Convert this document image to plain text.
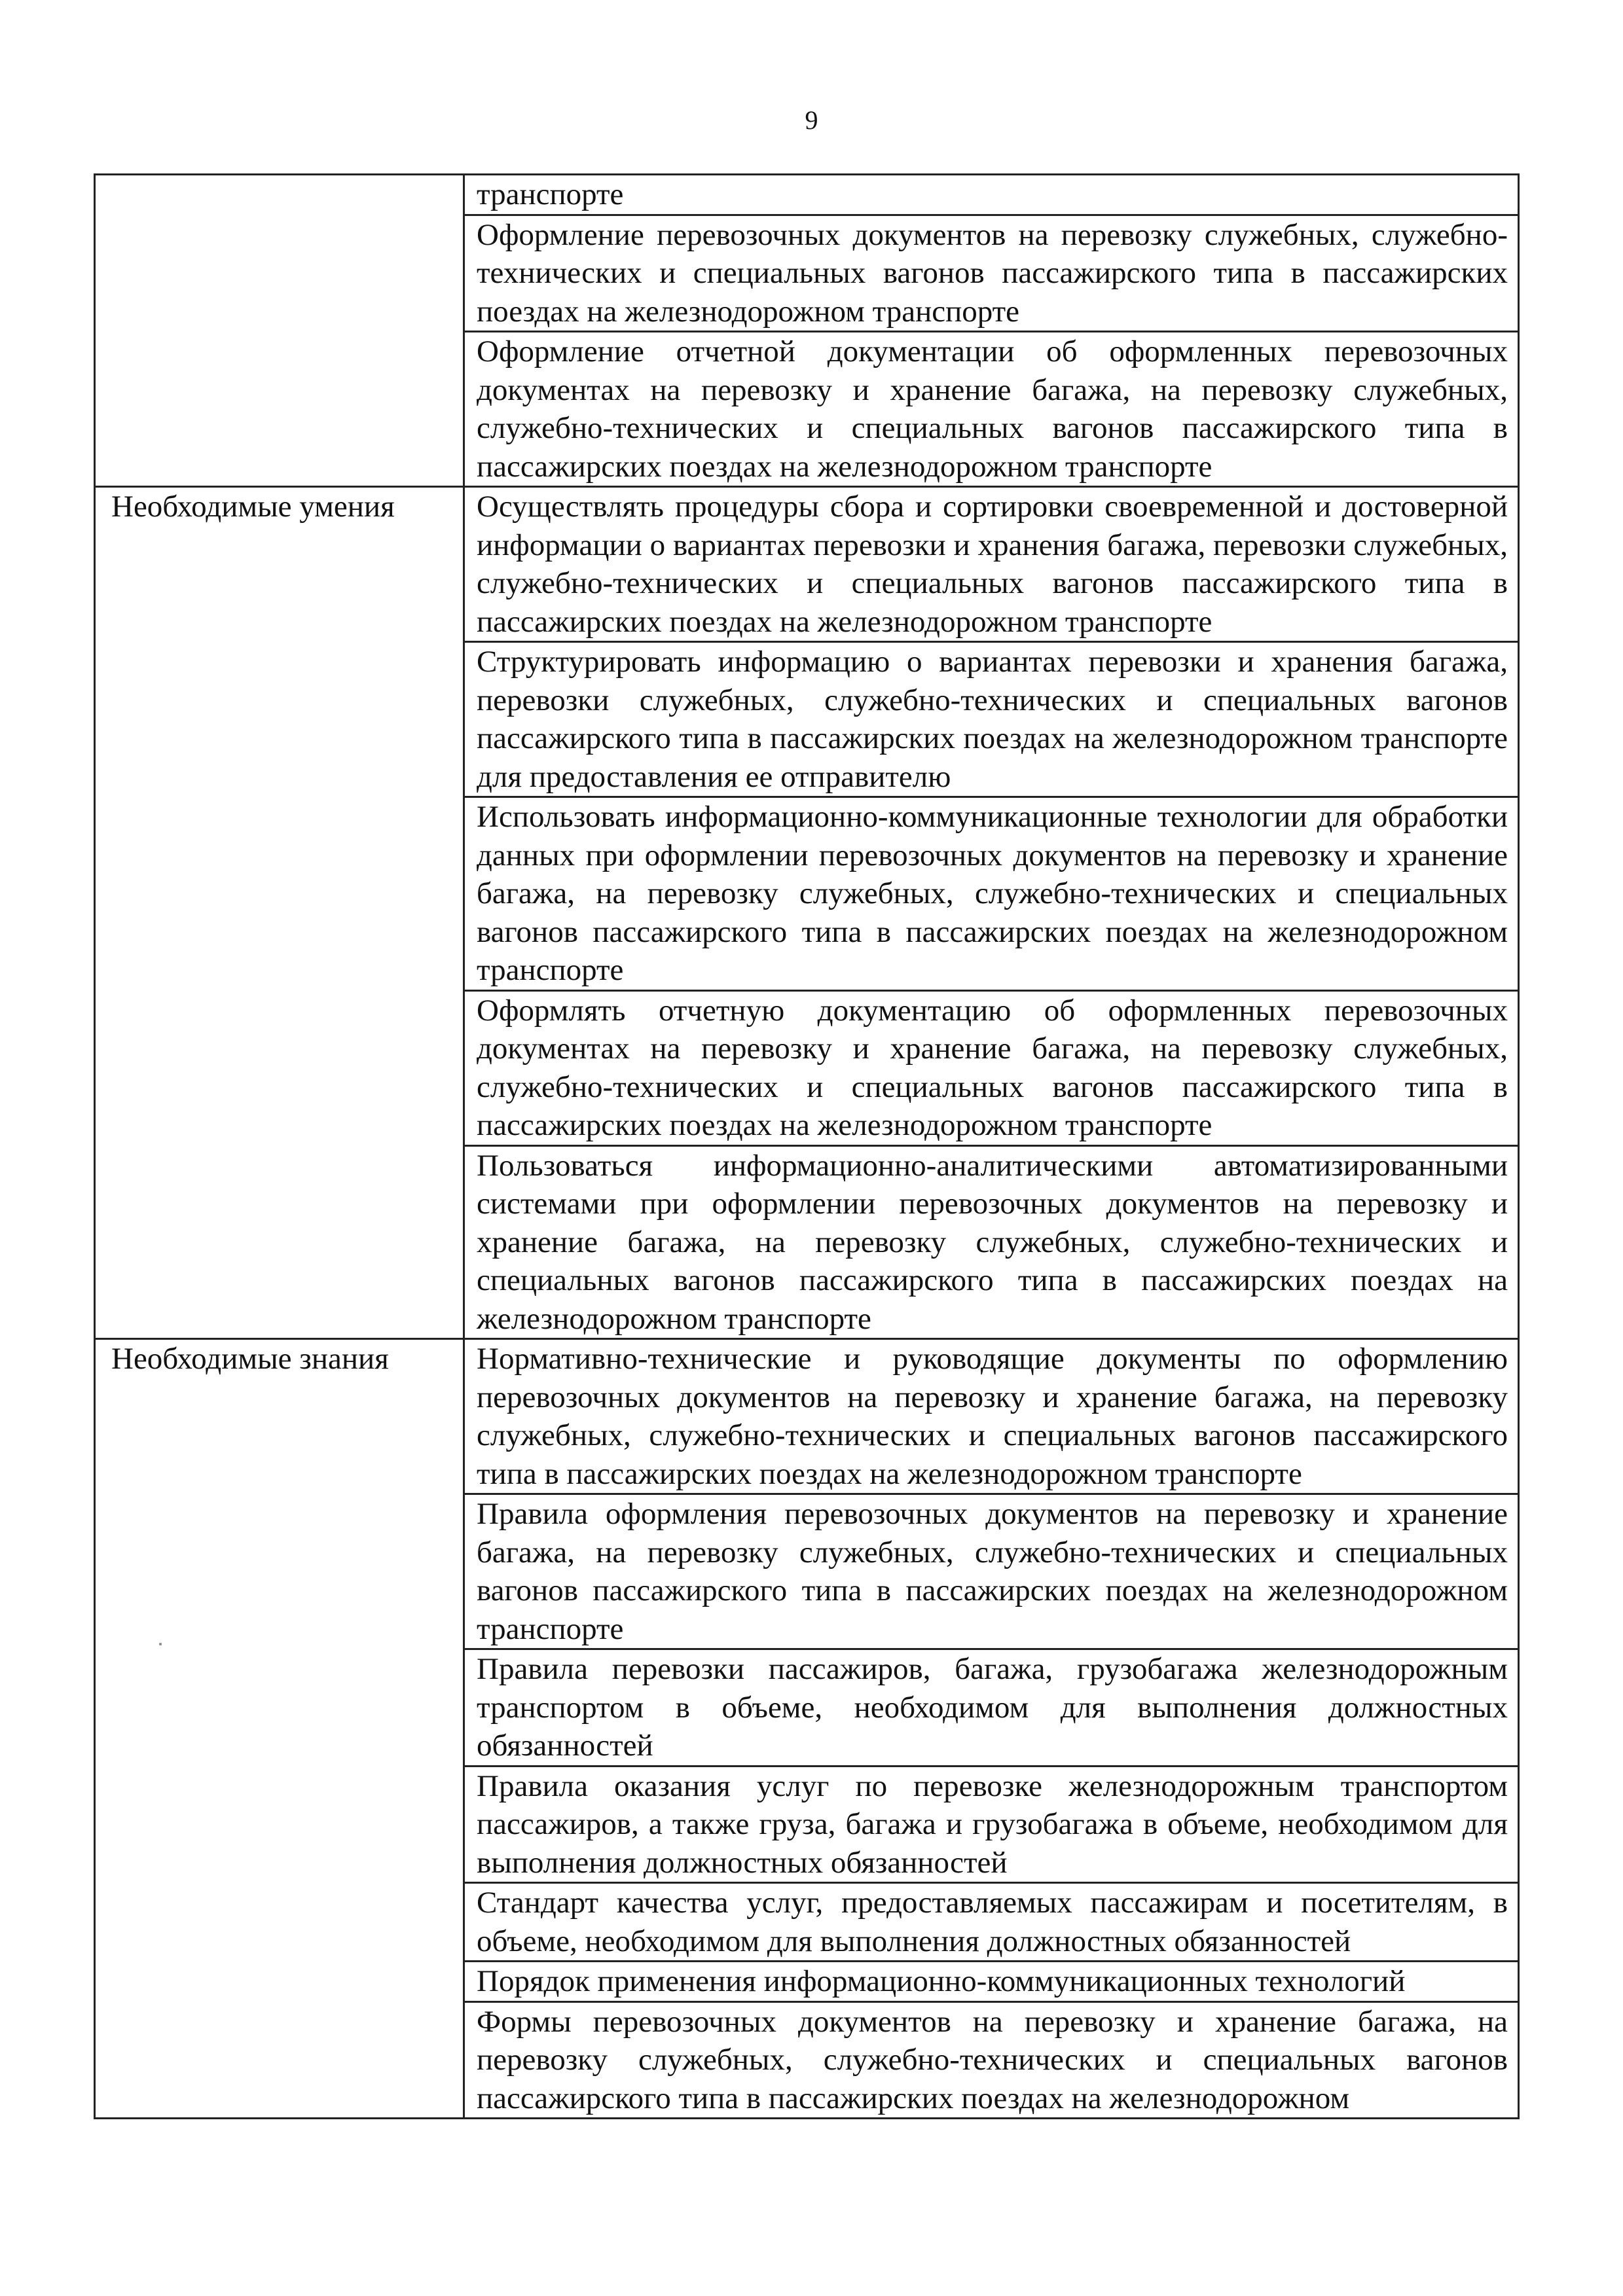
9
	транспорте
	Оформление перевозочных документов на перевозку служебных, служебно-технических и специальных вагонов пассажирского типа в пассажирских поездах на железнодорожном транспорте
	Оформление отчетной документации об оформленных перевозочных документах на перевозку и хранение багажа, на перевозку служебных, служебно-технических и специальных вагонов пассажирского типа в пассажирских поездах на железнодорожном транспорте
Необходимые умения	Осуществлять процедуры сбора и сортировки своевременной и достоверной информации о вариантах перевозки и хранения багажа, перевозки служебных, служебно-технических и специальных вагонов пассажирского типа в пассажирских поездах на железнодорожном транспорте
	Структурировать информацию о вариантах перевозки и хранения багажа, перевозки служебных, служебно-технических и специальных вагонов пассажирского типа в пассажирских поездах на железнодорожном транспорте для предоставления ее отправителю
	Использовать информационно-коммуникационные технологии для обработки данных при оформлении перевозочных документов на перевозку и хранение багажа, на перевозку служебных, служебно-технических и специальных вагонов пассажирского типа в пассажирских поездах на железнодорожном транспорте
	Оформлять отчетную документацию об оформленных перевозочных документах на перевозку и хранение багажа, на перевозку служебных, служебно-технических и специальных вагонов пассажирского типа в пассажирских поездах на железнодорожном транспорте
	Пользоваться информационно-аналитическими автоматизированными системами при оформлении перевозочных документов на перевозку и хранение багажа, на перевозку служебных, служебно-технических и специальных вагонов пассажирского типа в пассажирских поездах на железнодорожном транспорте
Необходимые знания	Нормативно-технические и руководящие документы по оформлению перевозочных документов на перевозку и хранение багажа, на перевозку служебных, служебно-технических и специальных вагонов пассажирского типа в пассажирских поездах на железнодорожном транспорте
	Правила оформления перевозочных документов на перевозку и хранение багажа, на перевозку служебных, служебно-технических и специальных вагонов пассажирского типа в пассажирских поездах на железнодорожном транспорте
	Правила перевозки пассажиров, багажа, грузобагажа железнодорожным транспортом в объеме, необходимом для выполнения должностных обязанностей
	Правила оказания услуг по перевозке железнодорожным транспортом пассажиров, а также груза, багажа и грузобагажа в объеме, необходимом для выполнения должностных обязанностей
	Стандарт качества услуг, предоставляемых пассажирам и посетителям, в объеме, необходимом для выполнения должностных обязанностей
	Порядок применения информационно-коммуникационных технологий
	Формы перевозочных документов на перевозку и хранение багажа, на перевозку служебных, служебно-технических и специальных вагонов пассажирского типа в пассажирских поездах на железнодорожном
